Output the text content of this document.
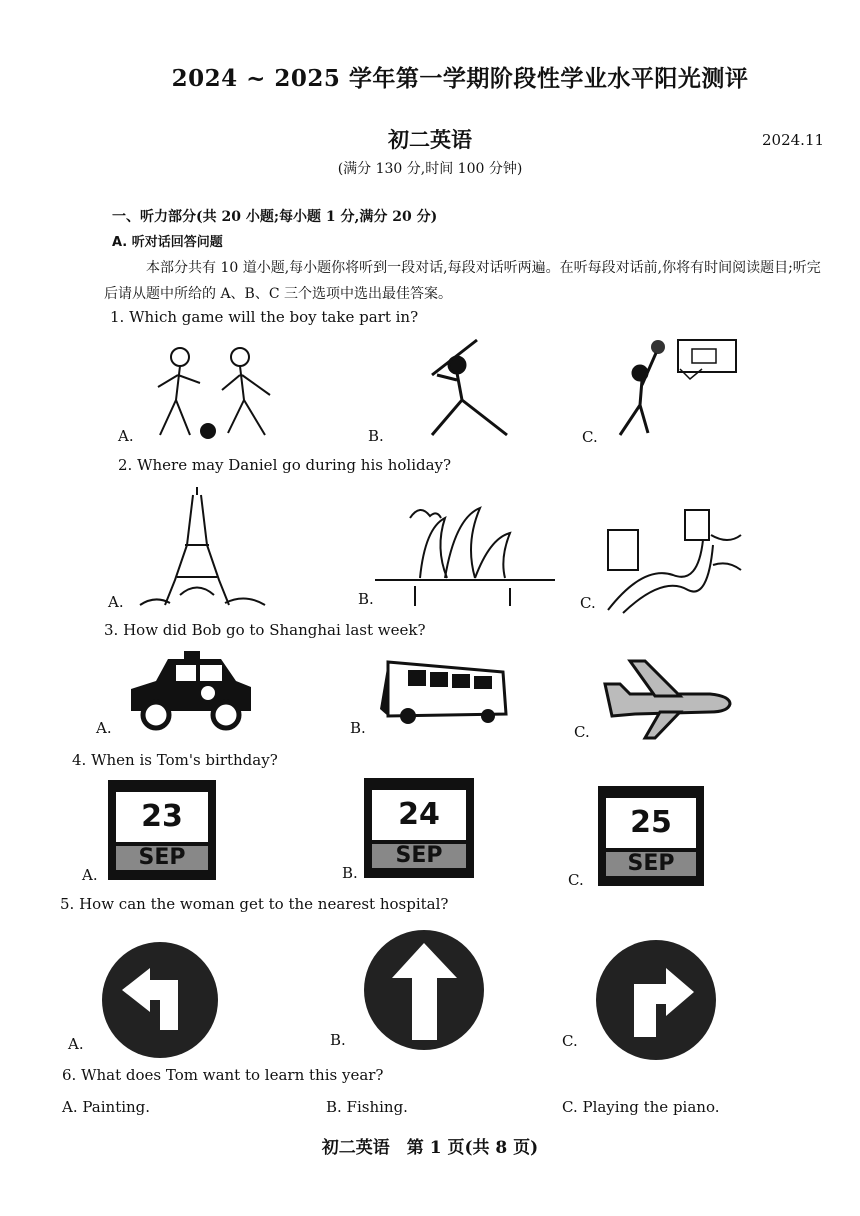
2024 ~ 2025 学年第一学期阶段性学业水平阳光测评
初二英语	2024.11
(满分 130 分,时间 100 分钟)
一、听力部分(共 20 小题;每小题 1 分,满分 20 分)
A. 听对话回答问题
本部分共有 10 道小题,每小题你将听到一段对话,每段对话听两遍。在听每段对话前,你将有时间阅读题目;听完后请从题中所给的 A、B、C 三个选项中选出最佳答案。
1. Which game will the boy take part in?
A.	B.	C.
2. Where may Daniel go during his holiday?
A.	B.	C.
3. How did Bob go to Shanghai last week?
A.	B.	C.
4. When is Tom's birthday?
A.	B.	C.
23
SEP
24
SEP
25
SEP
5. How can the woman get to the nearest hospital?
A.	B.	C.
6. What does Tom want to learn this year?
A. Painting.	B. Fishing.	C. Playing the piano.
初二英语　第 1 页(共 8 页)
